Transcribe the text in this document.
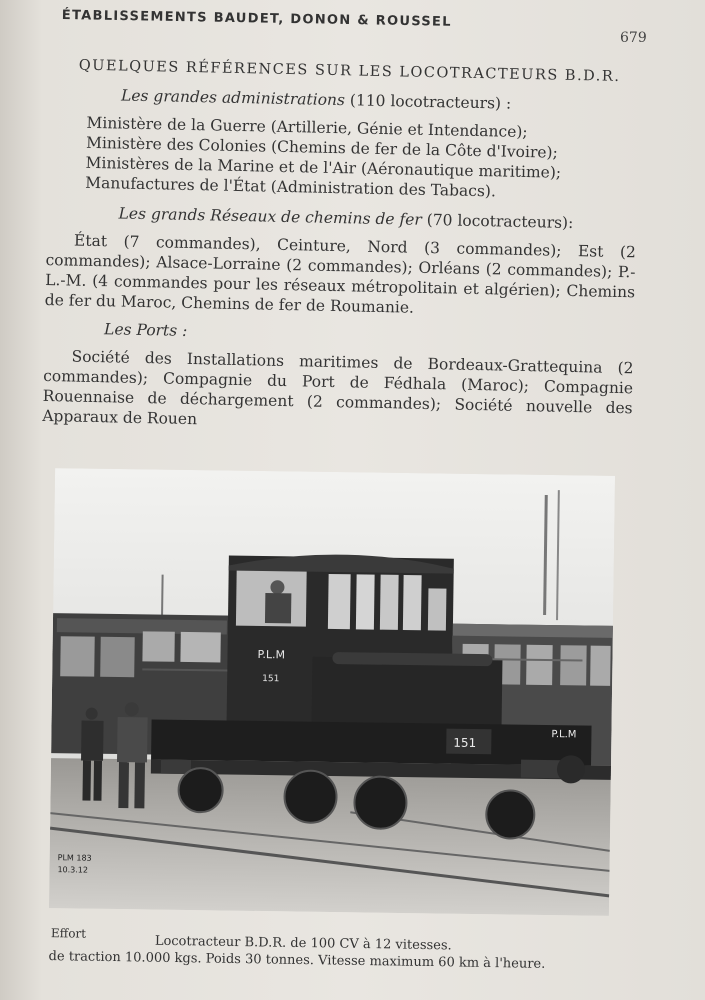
ÉTABLISSEMENTS BAUDET, DONON & ROUSSEL
679
QUELQUES RÉFÉRENCES SUR LES LOCOTRACTEURS B.D.R.
Les grandes administrations (110 locotracteurs) :
Ministère de la Guerre (Artillerie, Génie et Intendance);
Ministère des Colonies (Chemins de fer de la Côte d'Ivoire);
Ministères de la Marine et de l'Air (Aéronautique maritime);
Manufactures de l'État (Administration des Tabacs).
Les grands Réseaux de chemins de fer (70 locotracteurs):
État (7 commandes), Ceinture, Nord (3 commandes); Est (2 commandes); Alsace-Lorraine (2 commandes); Orléans (2 commandes); P.-L.-M. (4 commandes pour les réseaux métropolitain et algérien); Chemins de fer du Maroc, Chemins de fer de Roumanie.
Les Ports :
Société des Installations maritimes de Bordeaux-Grattequina (2 commandes); Compagnie du Port de Fédhala (Maroc); Compagnie Rouennaise de déchargement (2 commandes); Société nouvelle des Apparaux de Rouen
P.L.M
151
151
P.L.M
PLM 183
10.3.12
Effort
Locotracteur B.D.R. de 100 CV à 12 vitesses.
de traction 10.000 kgs. Poids 30 tonnes. Vitesse maximum 60 km à l'heure.
